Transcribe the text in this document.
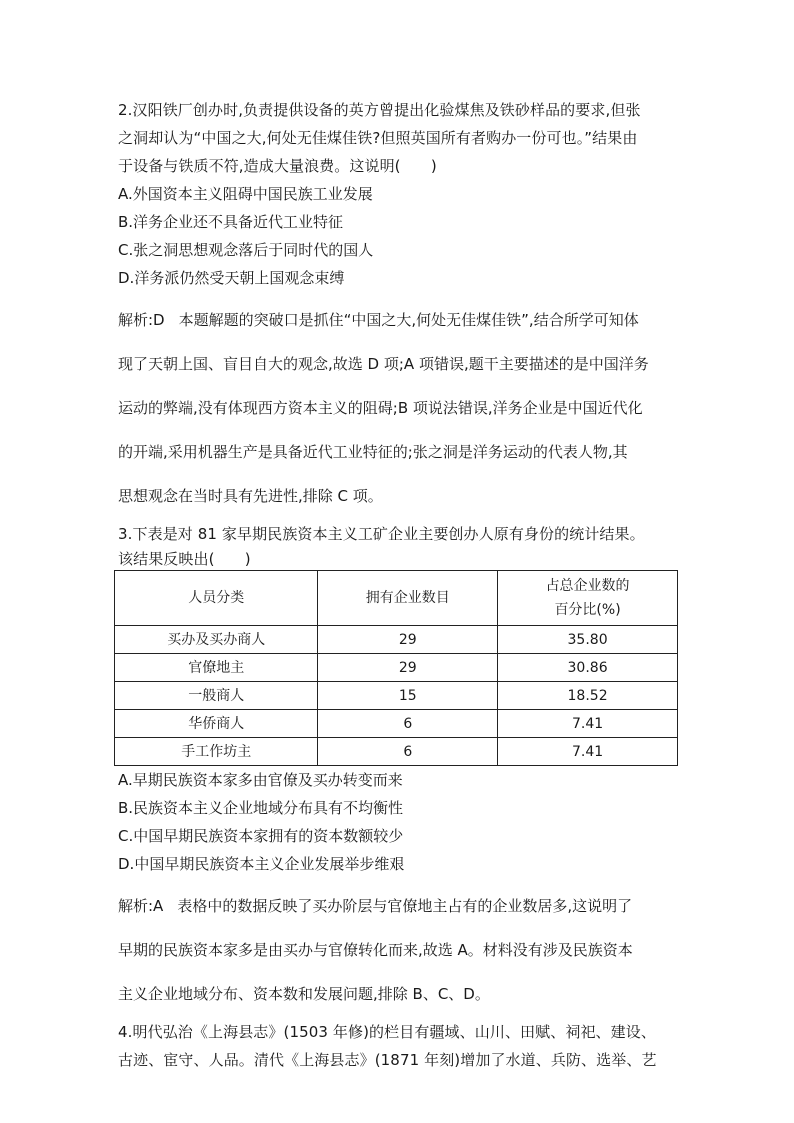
2.汉阳铁厂创办时,负责提供设备的英方曾提出化验煤焦及铁砂样品的要求,但张
之洞却认为“中国之大,何处无佳煤佳铁?但照英国所有者购办一份可也。”结果由
于设备与铁质不符,造成大量浪费。这说明(　　)
A.外国资本主义阻碍中国民族工业发展
B.洋务企业还不具备近代工业特征
C.张之洞思想观念落后于同时代的国人
D.洋务派仍然受天朝上国观念束缚
解析:D 本题解题的突破口是抓住“中国之大,何处无佳煤佳铁”,结合所学可知体
现了天朝上国、盲目自大的观念,故选 D 项;A 项错误,题干主要描述的是中国洋务
运动的弊端,没有体现西方资本主义的阻碍;B 项说法错误,洋务企业是中国近代化
的开端,采用机器生产是具备近代工业特征的;张之洞是洋务运动的代表人物,其
思想观念在当时具有先进性,排除 C 项。
3.下表是对 81 家早期民族资本主义工矿企业主要创办人原有身份的统计结果。
该结果反映出(　　)
人员分类	拥有企业数目	占总企业数的
百分比(%)

买办及买办商人	29	35.80
官僚地主	29	30.86
一般商人	15	18.52
华侨商人	6	7.41
手工作坊主	6	7.41
A.早期民族资本家多由官僚及买办转变而来
B.民族资本主义企业地域分布具有不均衡性
C.中国早期民族资本家拥有的资本数额较少
D.中国早期民族资本主义企业发展举步维艰
解析:A 表格中的数据反映了买办阶层与官僚地主占有的企业数居多,这说明了
早期的民族资本家多是由买办与官僚转化而来,故选 A。材料没有涉及民族资本
主义企业地域分布、资本数和发展问题,排除 B、C、D。
4.明代弘治《上海县志》(1503 年修)的栏目有疆域、山川、田赋、祠祀、建设、
古迹、宦守、人品。清代《上海县志》(1871 年刻)增加了水道、兵防、选举、艺
